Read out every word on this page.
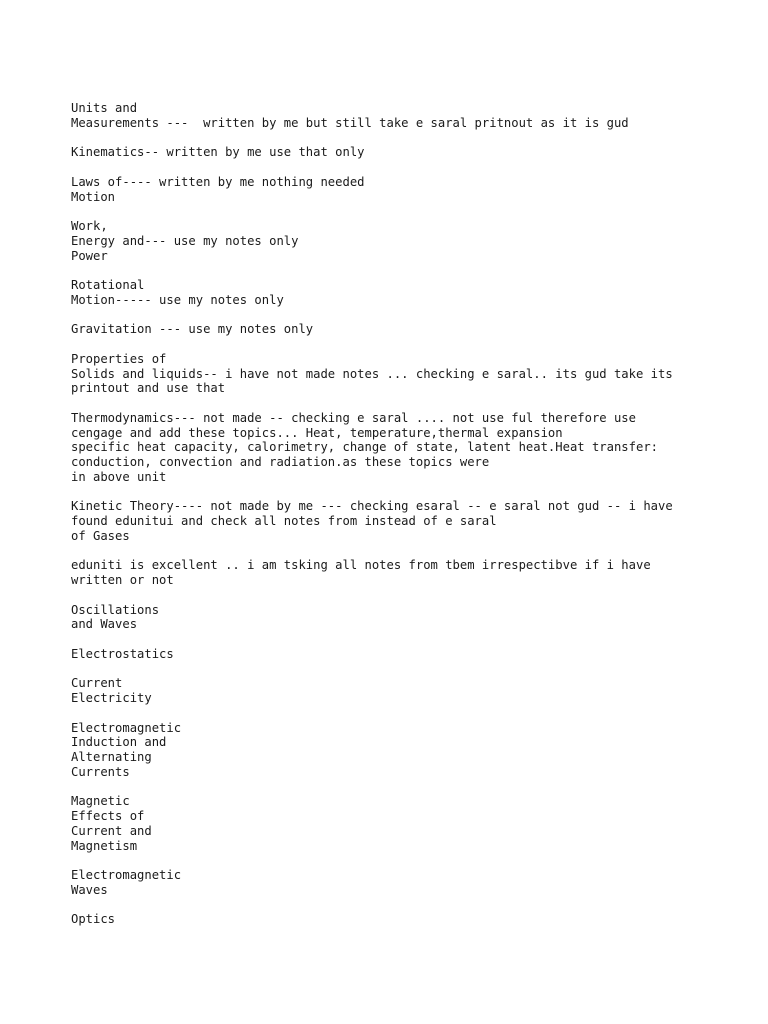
Units and
Measurements ---  written by me but still take e saral pritnout as it is gud
Kinematics-- written by me use that only
Laws of---- written by me nothing needed
Motion
Work,
Energy and--- use my notes only
Power
Rotational
Motion----- use my notes only
Gravitation --- use my notes only
Properties of
Solids and liquids-- i have not made notes ... checking e saral.. its gud take its
printout and use that
Thermodynamics--- not made -- checking e saral .... not use ful therefore use
cengage and add these topics... Heat, temperature,thermal expansion
specific heat capacity, calorimetry, change of state, latent heat.Heat transfer:
conduction, convection and radiation.as these topics were
in above unit
Kinetic Theory---- not made by me --- checking esaral -- e saral not gud -- i have
found edunitui and check all notes from instead of e saral
of Gases
eduniti is excellent .. i am tsking all notes from tbem irrespectibve if i have
written or not
Oscillations
and Waves
Electrostatics
Current
Electricity
Electromagnetic
Induction and
Alternating
Currents
Magnetic
Effects of
Current and
Magnetism
Electromagnetic
Waves
Optics
